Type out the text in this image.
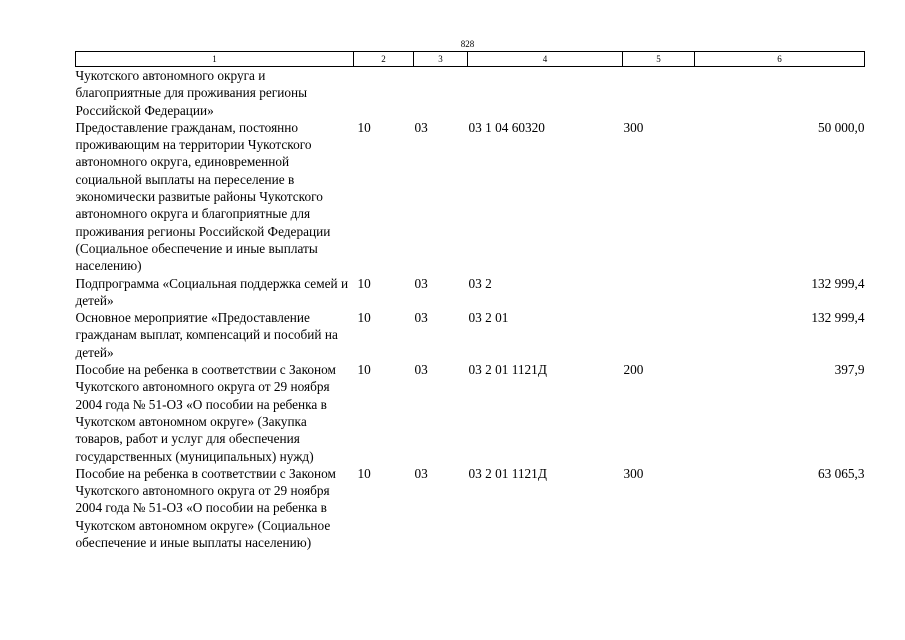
828
1	2	3	4	5	6
Чукотского автономного округа и благоприятные для проживания регионы Российской Федерации»					
Предоставление гражданам, постоянно проживающим на территории Чукотского автономного округа, единовременной социальной выплаты на переселение в экономически развитые районы Чукотского автономного округа и благоприятные для проживания регионы Российской Федерации (Социальное обеспечение и иные выплаты населению)	10	03	03 1 04 60320	300	50 000,0
Подпрограмма «Социальная поддержка семей и детей»	10	03	03 2		132 999,4
Основное мероприятие «Предоставление гражданам выплат, компенсаций и пособий на детей»	10	03	03 2 01		132 999,4
Пособие на ребенка в соответствии с Законом Чукотского автономного округа от 29 ноября 2004 года № 51-ОЗ «О пособии на ребенка в Чукотском автономном округе» (Закупка товаров, работ и услуг для обеспечения государственных (муниципальных) нужд)	10	03	03 2 01 1121Д	200	397,9
Пособие на ребенка в соответствии с Законом Чукотского автономного округа от 29 ноября 2004 года № 51-ОЗ «О пособии на ребенка в Чукотском автономном округе» (Социальное обеспечение и иные выплаты населению)	10	03	03 2 01 1121Д	300	63 065,3
